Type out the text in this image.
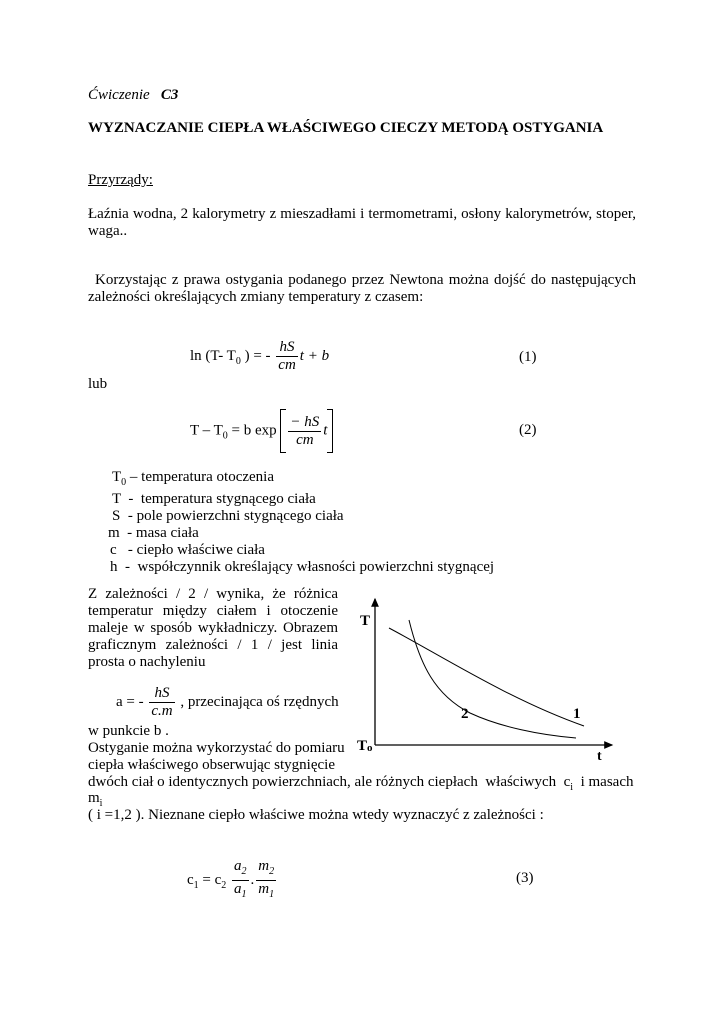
Ćwiczenie C3
WYZNACZANIE CIEPŁA WŁAŚCIWEGO CIECZY METODĄ OSTYGANIA
Przyrządy:
Łaźnia wodna, 2 kalorymetry z mieszadłami i termometrami, osłony kalorymetrów, stoper,
waga..
Korzystając z prawa ostygania podanego przez Newtona można dojść do następujących
zależności określających zmiany temperatury z czasem:
ln (T- $T_0$ ) = - $\frac{hS}{cm}$ t + b	(1)
lub
$T - T_0 = b$ $\exp \frac{- hS}{cm}$ t	(2)
$T_0$ – temperatura otoczenia
T  -  temperatura stygnącego ciała
S  - pole powierzchni stygnącego ciała
m  - masa ciała
c   - ciepło właściwe ciała
h  -  współczynnik określający własności powierzchni stygnącej
Z zależności / 2 / wynika, że różnica
temperatur między ciałem i otoczenie
maleje w sposób wykładniczy. Obrazem
graficznym zależności / 1 / jest linia
prosta o nachyleniu
a = - $\frac{hS}{c.m}$ , przecinająca oś rzędnych
w punkcie b .
Ostyganie można wykorzystać do pomiaru
ciepła właściwego obserwując stygnięcie
dwóch ciał o identycznych powierzchniach, ale różnych ciepłach  właściwych  $c_i$  i masach
$m_i$
( i =1,2 ). Nieznane ciepło właściwe można wtedy wyznaczyć z zależności :
$c_1 = c_2 \frac{a_2}{a_1}$ . $\frac{m_2}{m_1}$	(3)
T
To
t
1
2
